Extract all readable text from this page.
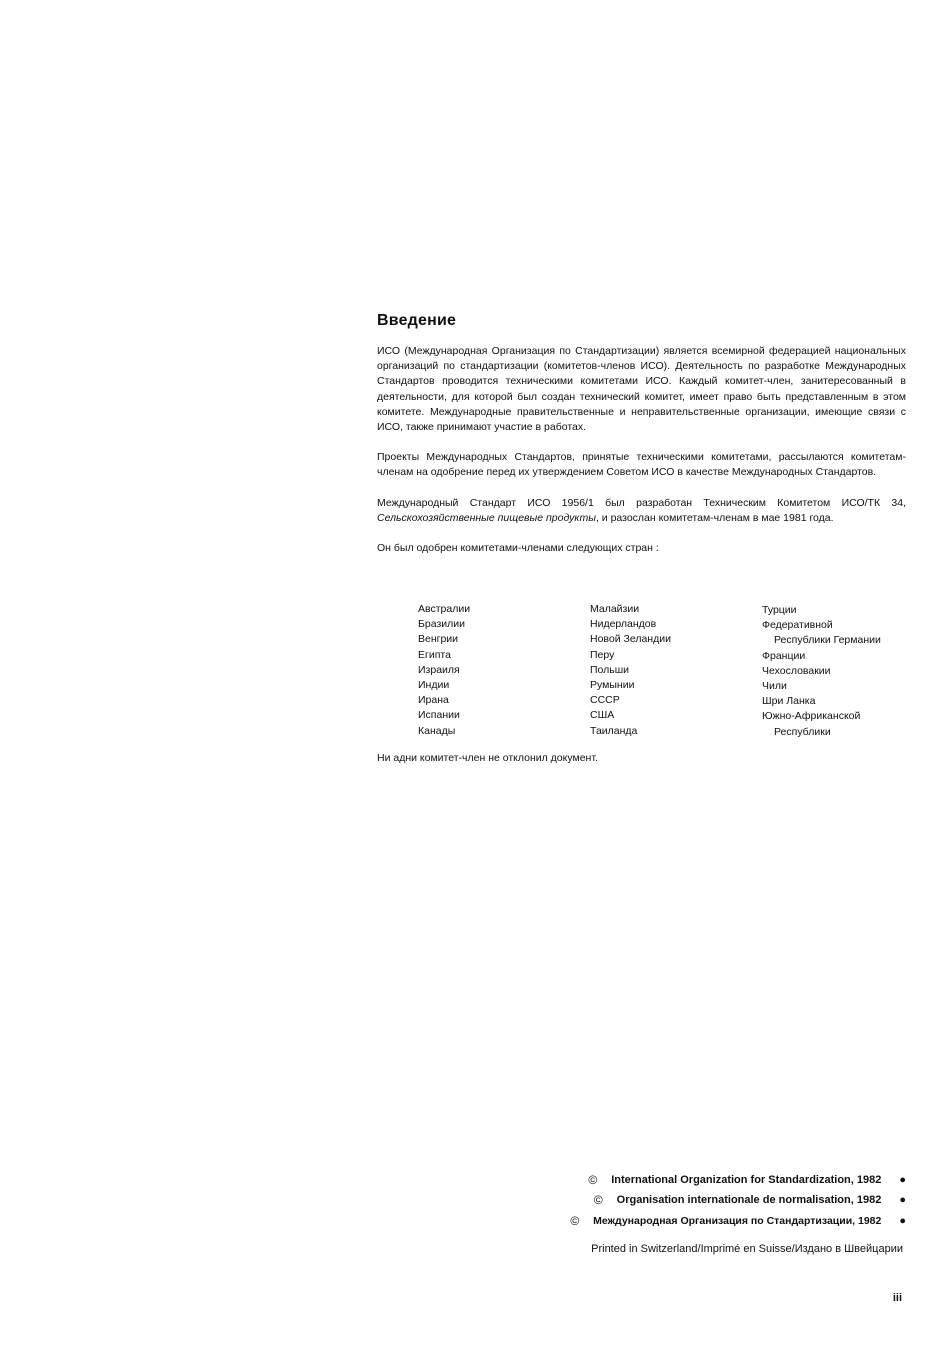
Введение

ИСО (Международная Организация по Стандартизации) является всемирной федерацией национальных организаций по стандартизации (комитетов-членов ИСО). Деятельность по разработке Международных Стандартов проводится техническими комитетами ИСО. Каждый комитет-член, занитересованный в деятельности, для которой был создан технический комитет, имеет право быть представленным в этом комитете. Международные правительственные и неправительственные организации, имеющие связи с ИСО, также принимают участие в работах.

Проекты Международных Стандартов, принятые техническими комитетами, рассылаются комитетам-членам на одобрение перед их утверждением Советом ИСО в качестве Международных Стандартов.

Международный Стандарт ИСО 1956/1 был разработан Техническим Комитетом ИСО/ТК 34, Сельскохозяйственные пищевые продукты, и разослан комитетам-членам в мае 1981 года.

Он был одобрен комитетами-членами следующих стран :

Австралии
Бразилии
Венгрии
Египта
Израиля
Индии
Ирана
Испании
Канады
Малайзии
Нидерландов
Новой Зеландии
Перу
Польши
Румынии
СССР
США
Таиланда
Турции
Федеративной
Республики Германии
Франции
Чехословакии
Чили
Шри Ланка
Южно-Африканской
Республики
Ни адни комитет-член не отклонил документ.
© International Organization for Standardization, 1982 ●
© Organisation internationale de normalisation, 1982 ●
© Международная Организация по Стандартизации, 1982 ●
Printed in Switzerland/Imprimé en Suisse/Издано в Швейцарии
iii
